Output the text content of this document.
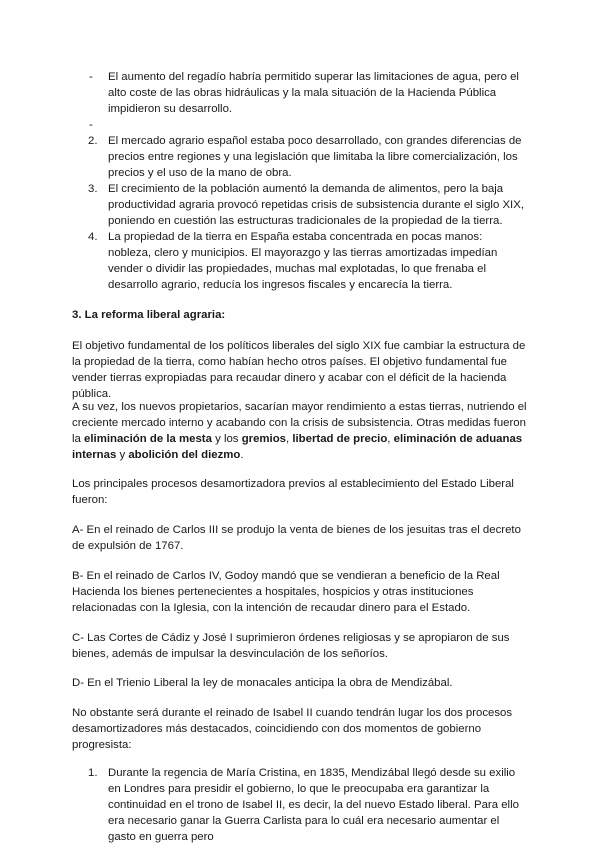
- El aumento del regadío habría permitido superar las limitaciones de agua, pero el alto coste de las obras hidráulicas y la mala situación de la Hacienda Pública impidieron su desarrollo.
-
2. El mercado agrario español estaba poco desarrollado, con grandes diferencias de precios entre regiones y una legislación que limitaba la libre comercialización, los precios y el uso de la mano de obra.
3. El crecimiento de la población aumentó la demanda de alimentos, pero la baja productividad agraria provocó repetidas crisis de subsistencia durante el siglo XIX, poniendo en cuestión las estructuras tradicionales de la propiedad de la tierra.
4. La propiedad de la tierra en España estaba concentrada en pocas manos: nobleza, clero y municipios. El mayorazgo y las tierras amortizadas impedían vender o dividir las propiedades, muchas mal explotadas, lo que frenaba el desarrollo agrario, reducía los ingresos fiscales y encarecía la tierra.
3. La reforma liberal agraria:
El objetivo fundamental de los políticos liberales del siglo XIX fue cambiar la estructura de la propiedad de la tierra, como habían hecho otros países. El objetivo fundamental fue vender tierras expropiadas para recaudar dinero y acabar con el déficit de la hacienda pública.
A su vez, los nuevos propietarios, sacarían mayor rendimiento a estas tierras, nutriendo el creciente mercado interno y acabando con la crisis de subsistencia. Otras medidas fueron la eliminación de la mesta y los gremios, libertad de precio, eliminación de aduanas internas y abolición del diezmo.
Los principales procesos desamortizadora previos al establecimiento del Estado Liberal fueron:
A- En el reinado de Carlos III se produjo la venta de bienes de los jesuitas tras el decreto de expulsión de 1767.
B- En el reinado de Carlos IV, Godoy mandó que se vendieran a beneficio de la Real Hacienda los bienes pertenecientes a hospitales, hospicios y otras instituciones relacionadas con la Iglesia, con la intención de recaudar dinero para el Estado.
C- Las Cortes de Cádiz y José I suprimieron órdenes religiosas y se apropiaron de sus bienes, además de impulsar la desvinculación de los señoríos.
D- En el Trienio Liberal la ley de monacales anticipa la obra de Mendizábal.
No obstante será durante el reinado de Isabel II cuando tendrán lugar los dos procesos desamortizadores más destacados, coincidiendo con dos momentos de gobierno progresista:
1. Durante la regencia de María Cristina, en 1835, Mendizábal llegó desde su exilio en Londres para presidir el gobierno, lo que le preocupaba era garantizar la continuidad en el trono de Isabel II, es decir, la del nuevo Estado liberal. Para ello era necesario ganar la Guerra Carlista para lo cuál era necesario aumentar el gasto en guerra pero
